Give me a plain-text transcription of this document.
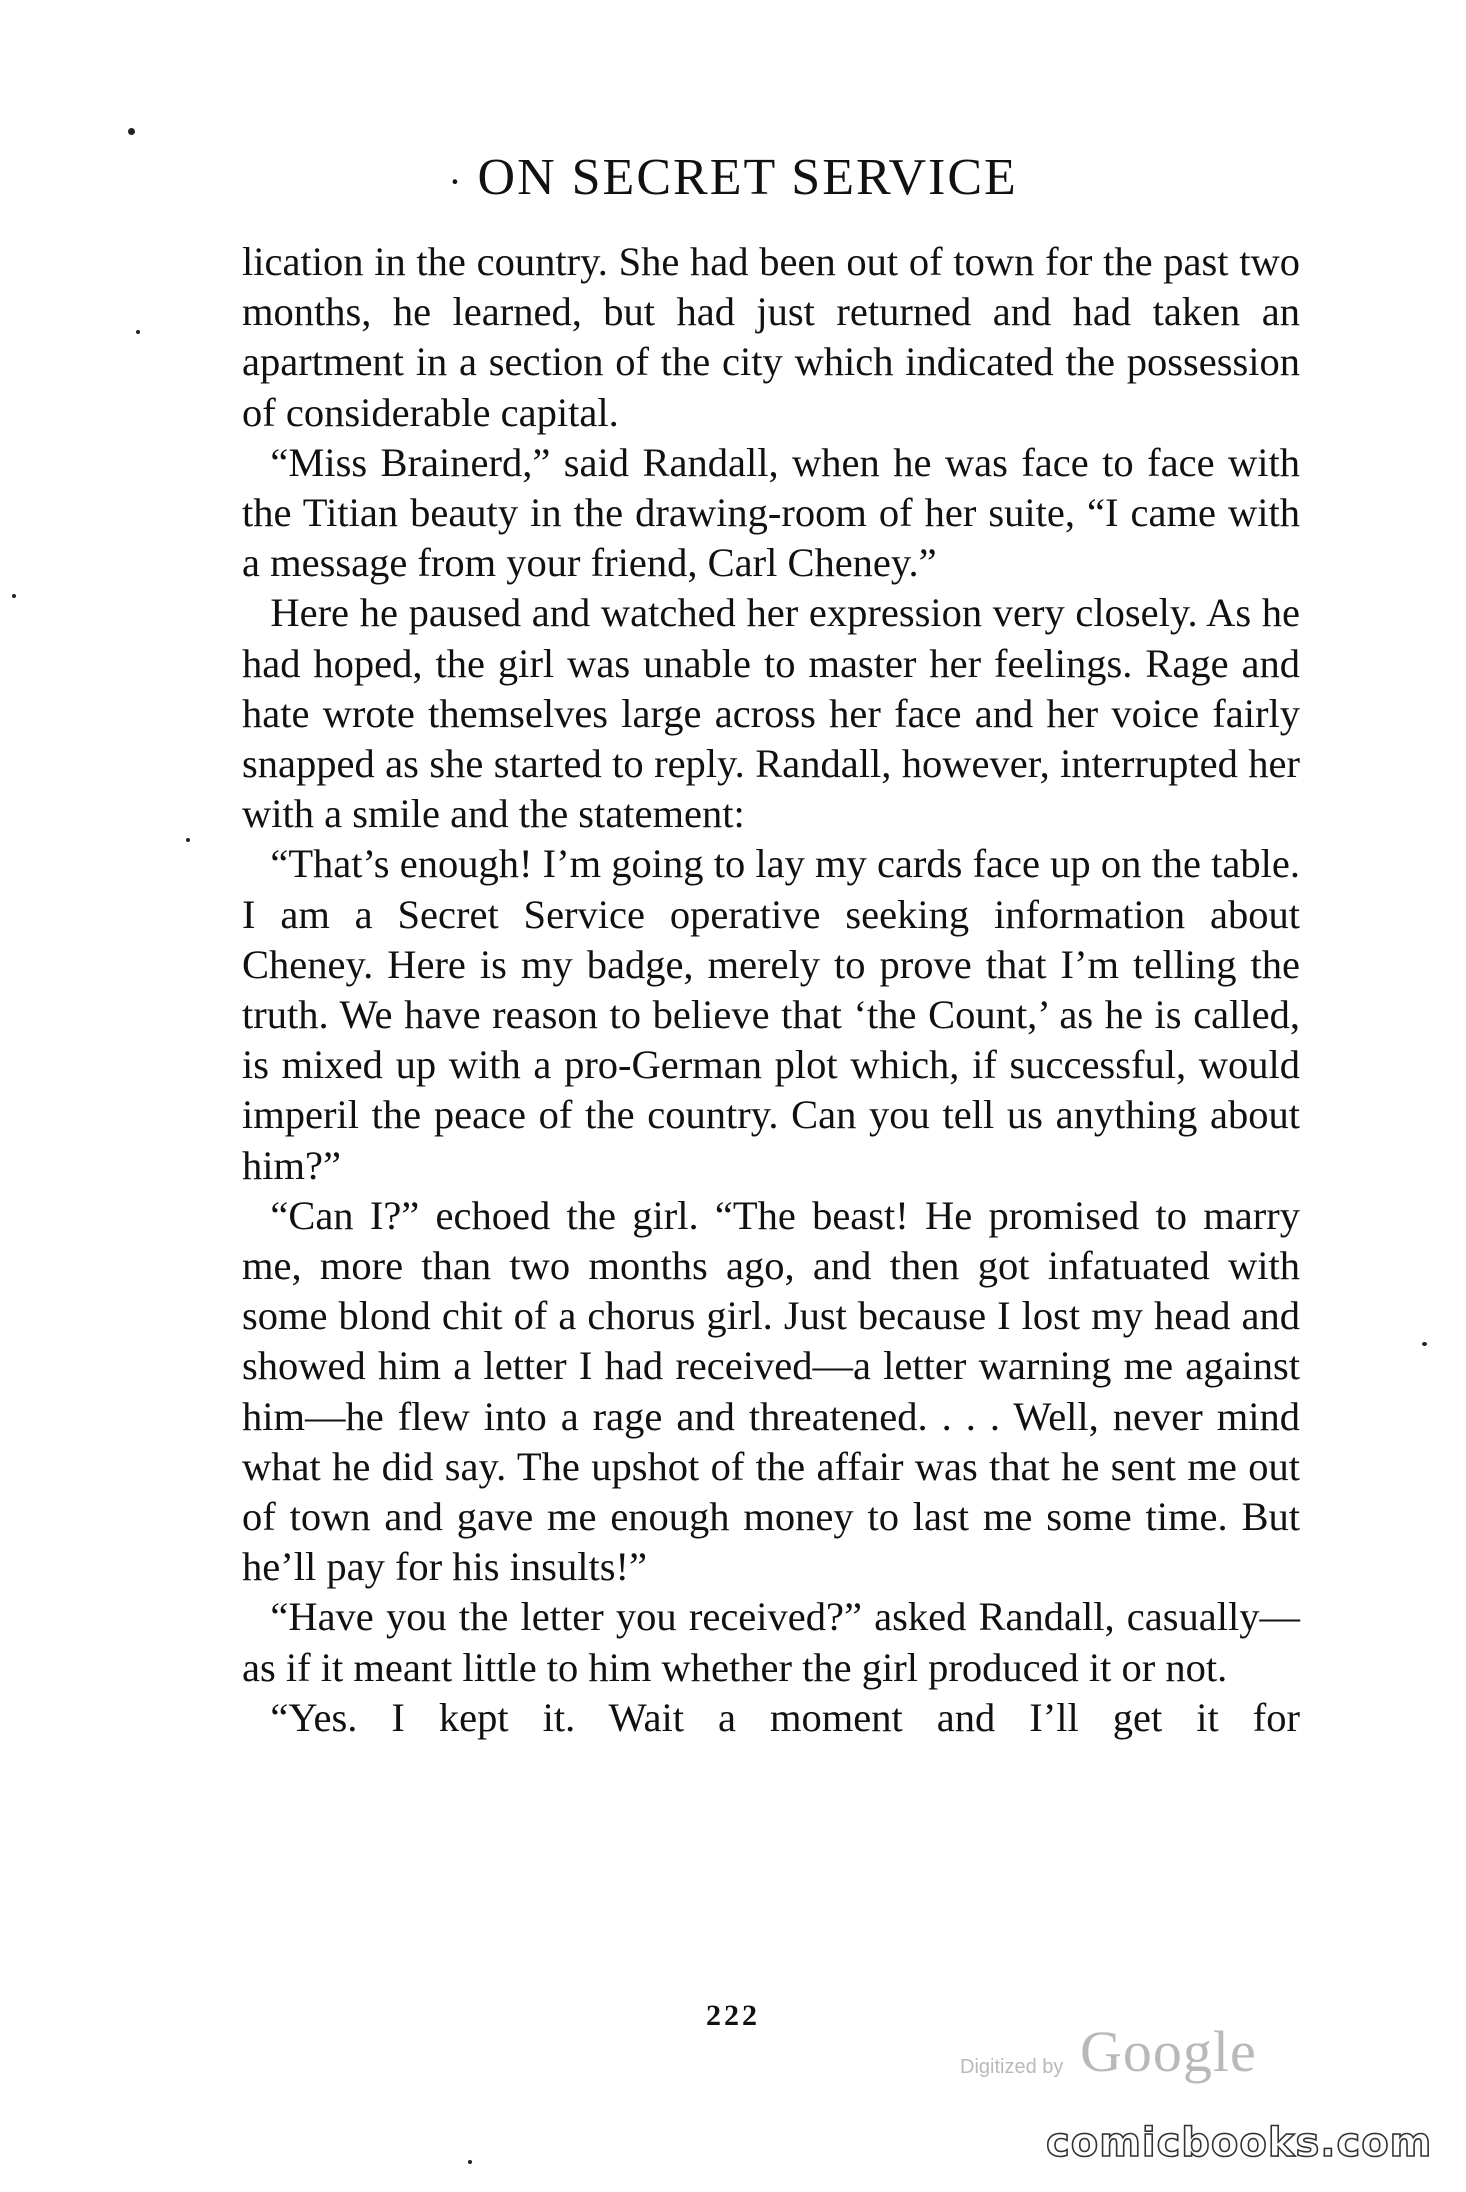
· ON SECRET SERVICE

lication in the country. She had been out of town for the past two months, he learned, but had just returned and had taken an apartment in a section of the city which indicated the possession of considerable capital.

“Miss Brainerd,” said Randall, when he was face to face with the Titian beauty in the drawing-room of her suite, “I came with a message from your friend, Carl Cheney.”

Here he paused and watched her expression very closely. As he had hoped, the girl was unable to master her feelings. Rage and hate wrote themselves large across her face and her voice fairly snapped as she started to reply. Randall, however, interrupted her with a smile and the statement:

“That’s enough! I’m going to lay my cards face up on the table. I am a Secret Service operative seeking information about Cheney. Here is my badge, merely to prove that I’m telling the truth. We have reason to believe that ‘the Count,’ as he is called, is mixed up with a pro-German plot which, if successful, would imperil the peace of the country. Can you tell us anything about him?”

“Can I?” echoed the girl. “The beast! He promised to marry me, more than two months ago, and then got infatuated with some blond chit of a chorus girl. Just because I lost my head and showed him a letter I had received—a letter warning me against him—he flew into a rage and threatened. . . . Well, never mind what he did say. The upshot of the affair was that he sent me out of town and gave me enough money to last me some time. But he’ll pay for his insults!”

“Have you the letter you received?” asked Randall, casually—as if it meant little to him whether the girl produced it or not.

“Yes. I kept it. Wait a moment and I’ll get it for

222
Digitized by Google
comicbooks.com
